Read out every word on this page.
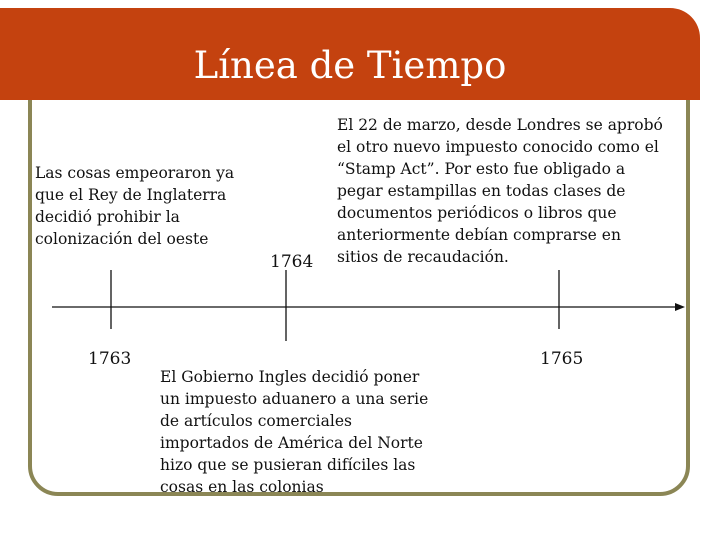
Línea de Tiempo
1763
1764
1765
Las cosas empeoraron ya
que el Rey de Inglaterra
decidió prohibir la
colonización del oeste
El Gobierno Ingles decidió poner
un impuesto aduanero a una serie
de artículos comerciales
importados de América del Norte
hizo que se pusieran difíciles las
cosas en las colonias
El 22 de marzo, desde Londres se aprobó
el otro nuevo impuesto conocido como el
“Stamp Act”. Por esto fue obligado a
pegar estampillas en todas clases de
documentos periódicos o libros que
anteriormente debían comprarse en
sitios de recaudación.
